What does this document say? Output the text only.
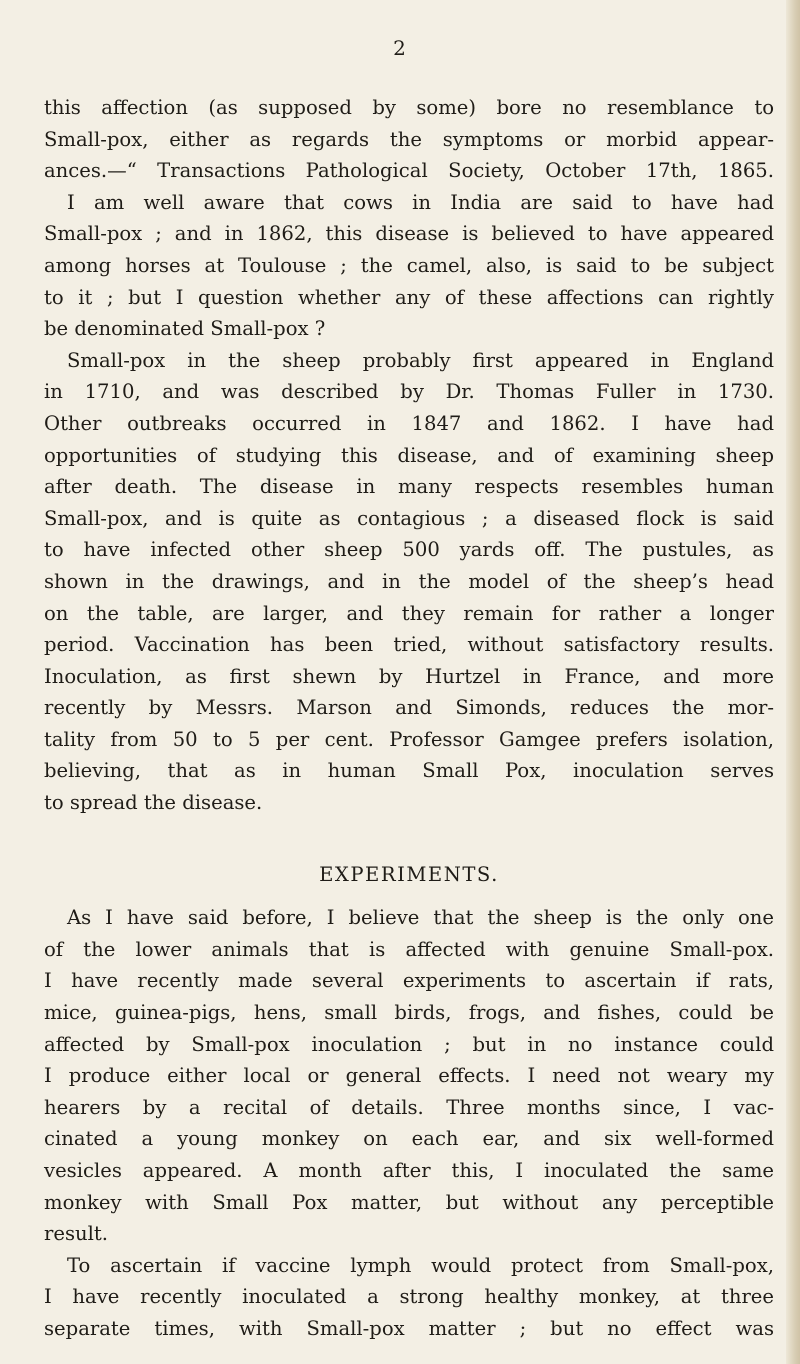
2
this affection (as supposed by some) bore no resemblance to
Small-pox, either as regards the symptoms or morbid appear-
ances.—“ Transactions Pathological Society, October 17th, 1865.
I am well aware that cows in India are said to have had
Small-pox ; and in 1862, this disease is believed to have appeared
among horses at Toulouse ; the camel, also, is said to be subject
to it ; but I question whether any of these affections can rightly
be denominated Small-pox ?
Small-pox in the sheep probably first appeared in England
in 1710, and was described by Dr. Thomas Fuller in 1730.
Other outbreaks occurred in 1847 and 1862. I have had
opportunities of studying this disease, and of examining sheep
after death. The disease in many respects resembles human
Small-pox, and is quite as contagious ; a diseased flock is said
to have infected other sheep 500 yards off. The pustules, as
shown in the drawings, and in the model of the sheep’s head
on the table, are larger, and they remain for rather a longer
period. Vaccination has been tried, without satisfactory results.
Inoculation, as first shewn by Hurtzel in France, and more
recently by Messrs. Marson and Simonds, reduces the mor-
tality from 50 to 5 per cent. Professor Gamgee prefers isolation,
believing, that as in human Small Pox, inoculation serves
to spread the disease.
EXPERIMENTS.
As I have said before, I believe that the sheep is the only one
of the lower animals that is affected with genuine Small-pox.
I have recently made several experiments to ascertain if rats,
mice, guinea-pigs, hens, small birds, frogs, and fishes, could be
affected by Small-pox inoculation ; but in no instance could
I produce either local or general effects. I need not weary my
hearers by a recital of details. Three months since, I vac-
cinated a young monkey on each ear, and six well-formed
vesicles appeared. A month after this, I inoculated the same
monkey with Small Pox matter, but without any perceptible
result.
To ascertain if vaccine lymph would protect from Small-pox,
I have recently inoculated a strong healthy monkey, at three
separate times, with Small-pox matter ; but no effect was
